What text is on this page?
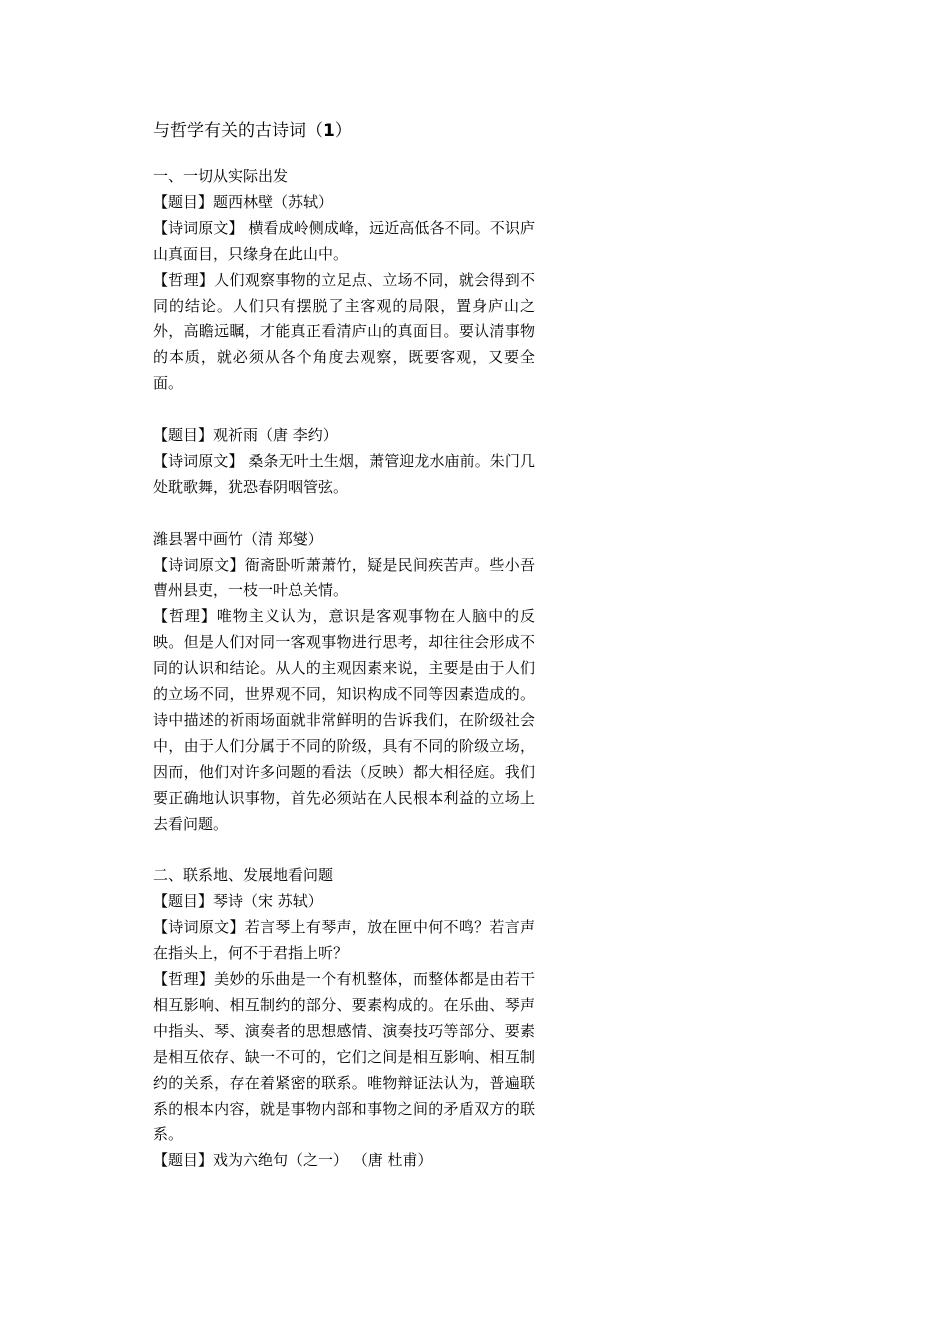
与哲学有关的古诗词（1）
一、一切从实际出发
【题目】题西林壁（苏轼）
【诗词原文】 横看成岭侧成峰，远近高低各不同。不识庐山真面目，只缘身在此山中。
【哲理】人们观察事物的立足点、立场不同，就会得到不同的结论。人们只有摆脱了主客观的局限，置身庐山之外，高瞻远瞩，才能真正看清庐山的真面目。要认清事物的本质，就必须从各个角度去观察，既要客观，又要全面。
【题目】观祈雨（唐 李约）
【诗词原文】 桑条无叶土生烟，萧管迎龙水庙前。朱门几处耽歌舞，犹恐春阴咽管弦。
潍县署中画竹（清 郑燮）
【诗词原文】衙斋卧听萧萧竹，疑是民间疾苦声。些小吾曹州县吏，一枝一叶总关情。
【哲理】唯物主义认为，意识是客观事物在人脑中的反映。但是人们对同一客观事物进行思考，却往往会形成不同的认识和结论。从人的主观因素来说，主要是由于人们的立场不同，世界观不同，知识构成不同等因素造成的。诗中描述的祈雨场面就非常鲜明的告诉我们，在阶级社会中，由于人们分属于不同的阶级，具有不同的阶级立场，因而，他们对许多问题的看法（反映）都大相径庭。我们要正确地认识事物，首先必须站在人民根本利益的立场上去看问题。
二、联系地、发展地看问题
【题目】琴诗（宋 苏轼）
【诗词原文】若言琴上有琴声，放在匣中何不鸣？若言声在指头上，何不于君指上听？
【哲理】美妙的乐曲是一个有机整体，而整体都是由若干相互影响、相互制约的部分、要素构成的。在乐曲、琴声中指头、琴、演奏者的思想感情、演奏技巧等部分、要素是相互依存、缺一不可的，它们之间是相互影响、相互制约的关系，存在着紧密的联系。唯物辩证法认为，普遍联系的根本内容，就是事物内部和事物之间的矛盾双方的联系。
【题目】戏为六绝句（之一） （唐 杜甫）
